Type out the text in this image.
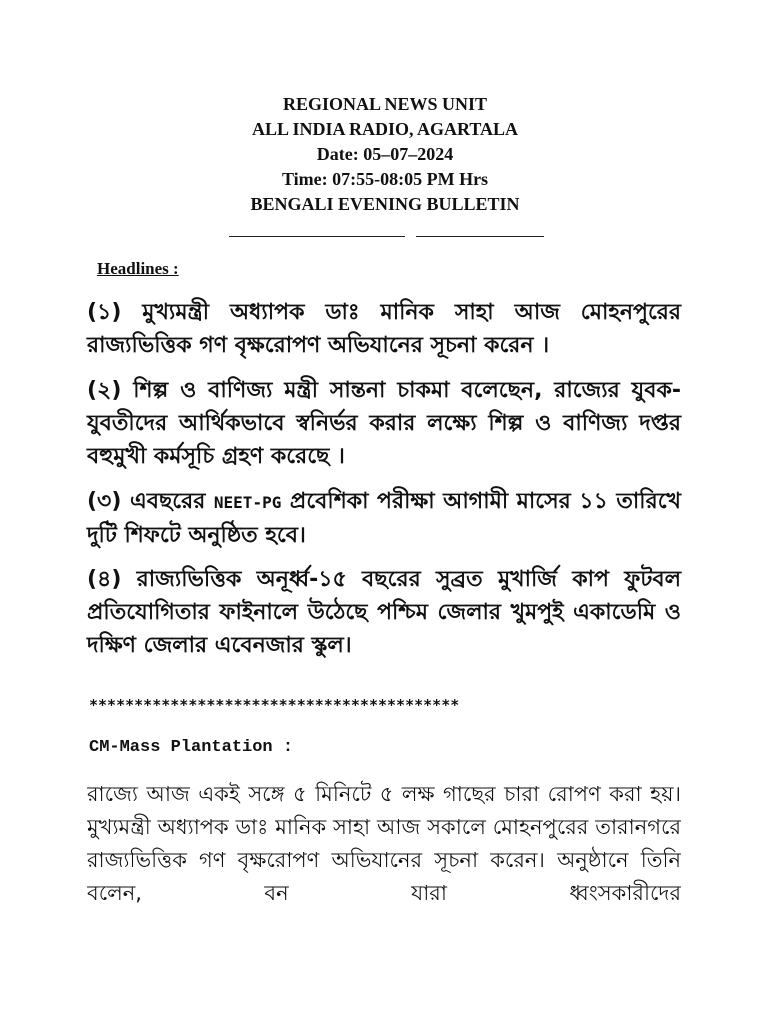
REGIONAL NEWS UNIT
ALL INDIA RADIO, AGARTALA
Date: 05–07–2024
Time: 07:55-08:05 PM Hrs
BENGALI EVENING BULLETIN
Headlines :
(১) মুখ্যমন্ত্রী অধ্যাপক ডাঃ মানিক সাহা আজ মোহনপুরের রাজ্যভিত্তিক গণ বৃক্ষরোপণ অভিযানের সূচনা করেন ।
(২) শিল্প ও বাণিজ্য মন্ত্রী সান্তনা চাকমা বলেছেন, রাজ্যের যুবক-যুবতীদের আর্থিকভাবে স্বনির্ভর করার লক্ষ্যে শিল্প ও বাণিজ্য দপ্তর বহুমুখী কর্মসূচি গ্রহণ করেছে ।
(৩) এবছরের NEET-PG প্রবেশিকা পরীক্ষা আগামী মাসের ১১ তারিখে দুটি শিফটে অনুষ্ঠিত হবে।
(৪) রাজ্যভিত্তিক অনূর্ধ্ব-১৫ বছরের সুব্রত মুখার্জি কাপ ফুটবল প্রতিযোগিতার ফাইনালে উঠেছে পশ্চিম জেলার খুমপুই একাডেমি ও দক্ষিণ জেলার এবেনজার স্কুল।
*****************************************
CM-Mass Plantation :
রাজ্যে আজ একই সঙ্গে ৫ মিনিটে ৫ লক্ষ গাছের চারা রোপণ করা হয়। মুখ্যমন্ত্রী অধ্যাপক ডাঃ মানিক সাহা আজ সকালে মোহনপুরের তারানগরে রাজ্যভিত্তিক গণ বৃক্ষরোপণ অভিযানের সূচনা করেন। অনুষ্ঠানে তিনি বলেন, বন যারা ধ্বংসকারীদের
